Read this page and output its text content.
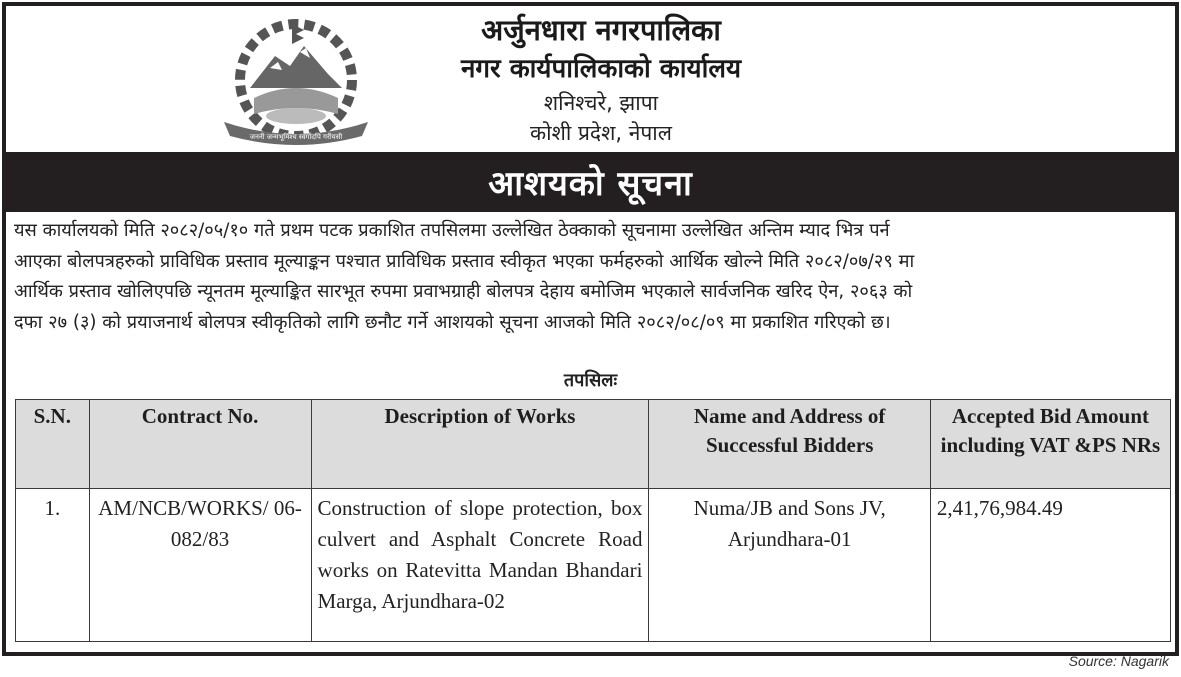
जननी जन्मभूमिश्च स्वर्गादपि गरीयसी
अर्जुनधारा नगरपालिका
नगर कार्यपालिकाको कार्यालय
शनिश्चरे, झापा
कोशी प्रदेश, नेपाल
आशयको सूचना

यस कार्यालयको मिति २०८२/०५/१० गते प्रथम पटक प्रकाशित तपसिलमा उल्लेखित ठेक्काको सूचनामा उल्लेखित अन्तिम म्याद भित्र पर्न

आएका बोलपत्रहरुको प्राविधिक प्रस्ताव मूल्याङ्कन पश्चात प्राविधिक प्रस्ताव स्वीकृत भएका फर्महरुको आर्थिक खोल्ने मिति २०८२/०७/२९ मा

आर्थिक प्रस्ताव खोलिएपछि न्यूनतम मूल्याङ्कित सारभूत रुपमा प्रवाभग्राही बोलपत्र देहाय बमोजिम भएकाले सार्वजनिक खरिद ऐन, २०६३ को

दफा २७ (३) को प्रयाजनार्थ बोलपत्र स्वीकृतिको लागि छनौट गर्ने आशयको सूचना आजको मिति २०८२/०८/०९ मा प्रकाशित गरिएको छ।

तपसिलः
S.N.	Contract No.	Description of Works	Name and Address of Successful Bidders	Accepted Bid Amount including VAT &PS NRs
1.	AM/NCB/WORKS/ 06-082/83	Construction of slope protection, box culvert and Asphalt Concrete Road works on Ratevitta Mandan Bhandari Marga, Arjundhara-02	Numa/JB and Sons JV, Arjundhara-01	2,41,76,984.49
Source: Nagarik
